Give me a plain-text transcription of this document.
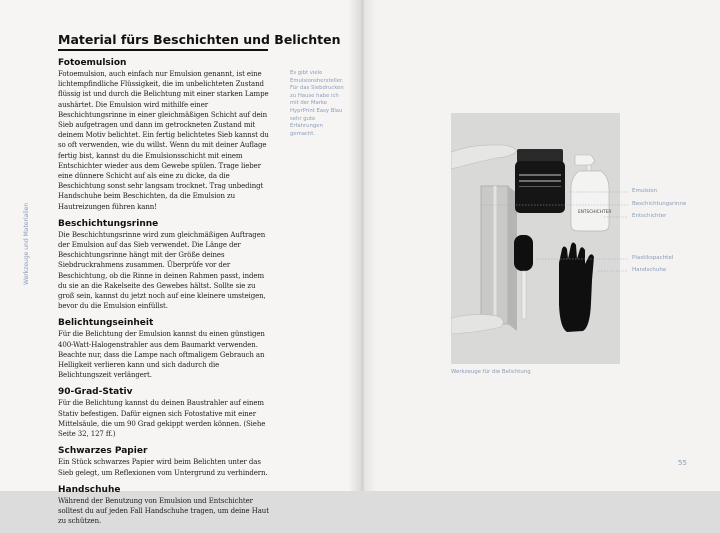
Werkzeuge und Materialien
Material fürs Beschichten und Belichten
Fotoemulsion

Fotoemulsion, auch einfach nur Emulsion genannt, ist eine lichtempfindliche Flüssigkeit, die im unbelichteten Zustand flüssig ist und durch die Belichtung mit einer starken Lampe aushärtet. Die Emulsion wird mithilfe einer Beschichtungsrinne in einer gleichmäßigen Schicht auf dein Sieb aufgetragen und dann im getrockneten Zustand mit deinem Motiv belichtet. Ein fertig belichtetes Sieb kannst du so oft verwenden, wie du willst. Wenn du mit deiner Auflage fertig bist, kannst du die Emulsionsschicht mit einem Entschichter wieder aus dem Gewebe spülen. Trage lieber eine dünnere Schicht auf als eine zu dicke, da die Beschichtung sonst sehr langsam trocknet. Trag unbedingt Handschuhe beim Beschichten, da die Emulsion zu Hautreizungen führen kann!

Beschichtungsrinne

Die Beschichtungsrinne wird zum gleichmäßigen Auftragen der Emulsion auf das Sieb verwendet. Die Länge der Beschichtungsrinne hängt mit der Größe deines Siebdruckrahmens zusammen. Überprüfe vor der Beschichtung, ob die Rinne in deinen Rahmen passt, indem du sie an die Rakelseite des Gewebes hältst. Sollte sie zu groß sein, kannst du jetzt noch auf eine kleinere umsteigen, bevor du die Emulsion einfüllst.

Belichtungseinheit

Für die Belichtung der Emulsion kannst du einen günstigen 400-Watt-Halogenstrahler aus dem Baumarkt verwenden. Beachte nur, dass die Lampe nach oftmaligem Gebrauch an Helligkeit verlieren kann und sich dadurch die Belichtungszeit verlängert.

90-Grad-Stativ

Für die Belichtung kannst du deinen Baustrahler auf einem Stativ befestigen. Dafür eignen sich Fotostative mit einer Mittelsäule, die um 90 Grad gekippt werden können. (Siehe Seite 32, 127 ff.)

Schwarzes Papier

Ein Stück schwarzes Papier wird beim Belichten unter das Sieb gelegt, um Reflexionen vom Untergrund zu verhindern.

Handschuhe

Während der Benutzung von Emulsion und Entschichter solltest du auf jeden Fall Handschuhe tragen, um deine Haut zu schützen.

Es gibt viele Emulsionshersteller. Für das Siebdrucken zu Hause habe ich mit der Marke HyprPrint Easy Blau sehr gute Erfahrungen gemacht.
ENTSCHICHTER
Emulsion
Beschichtungsrinne
Entschichter
Plastikspachtel
Handschuhe
Werkzeuge für die Belichtung
55
